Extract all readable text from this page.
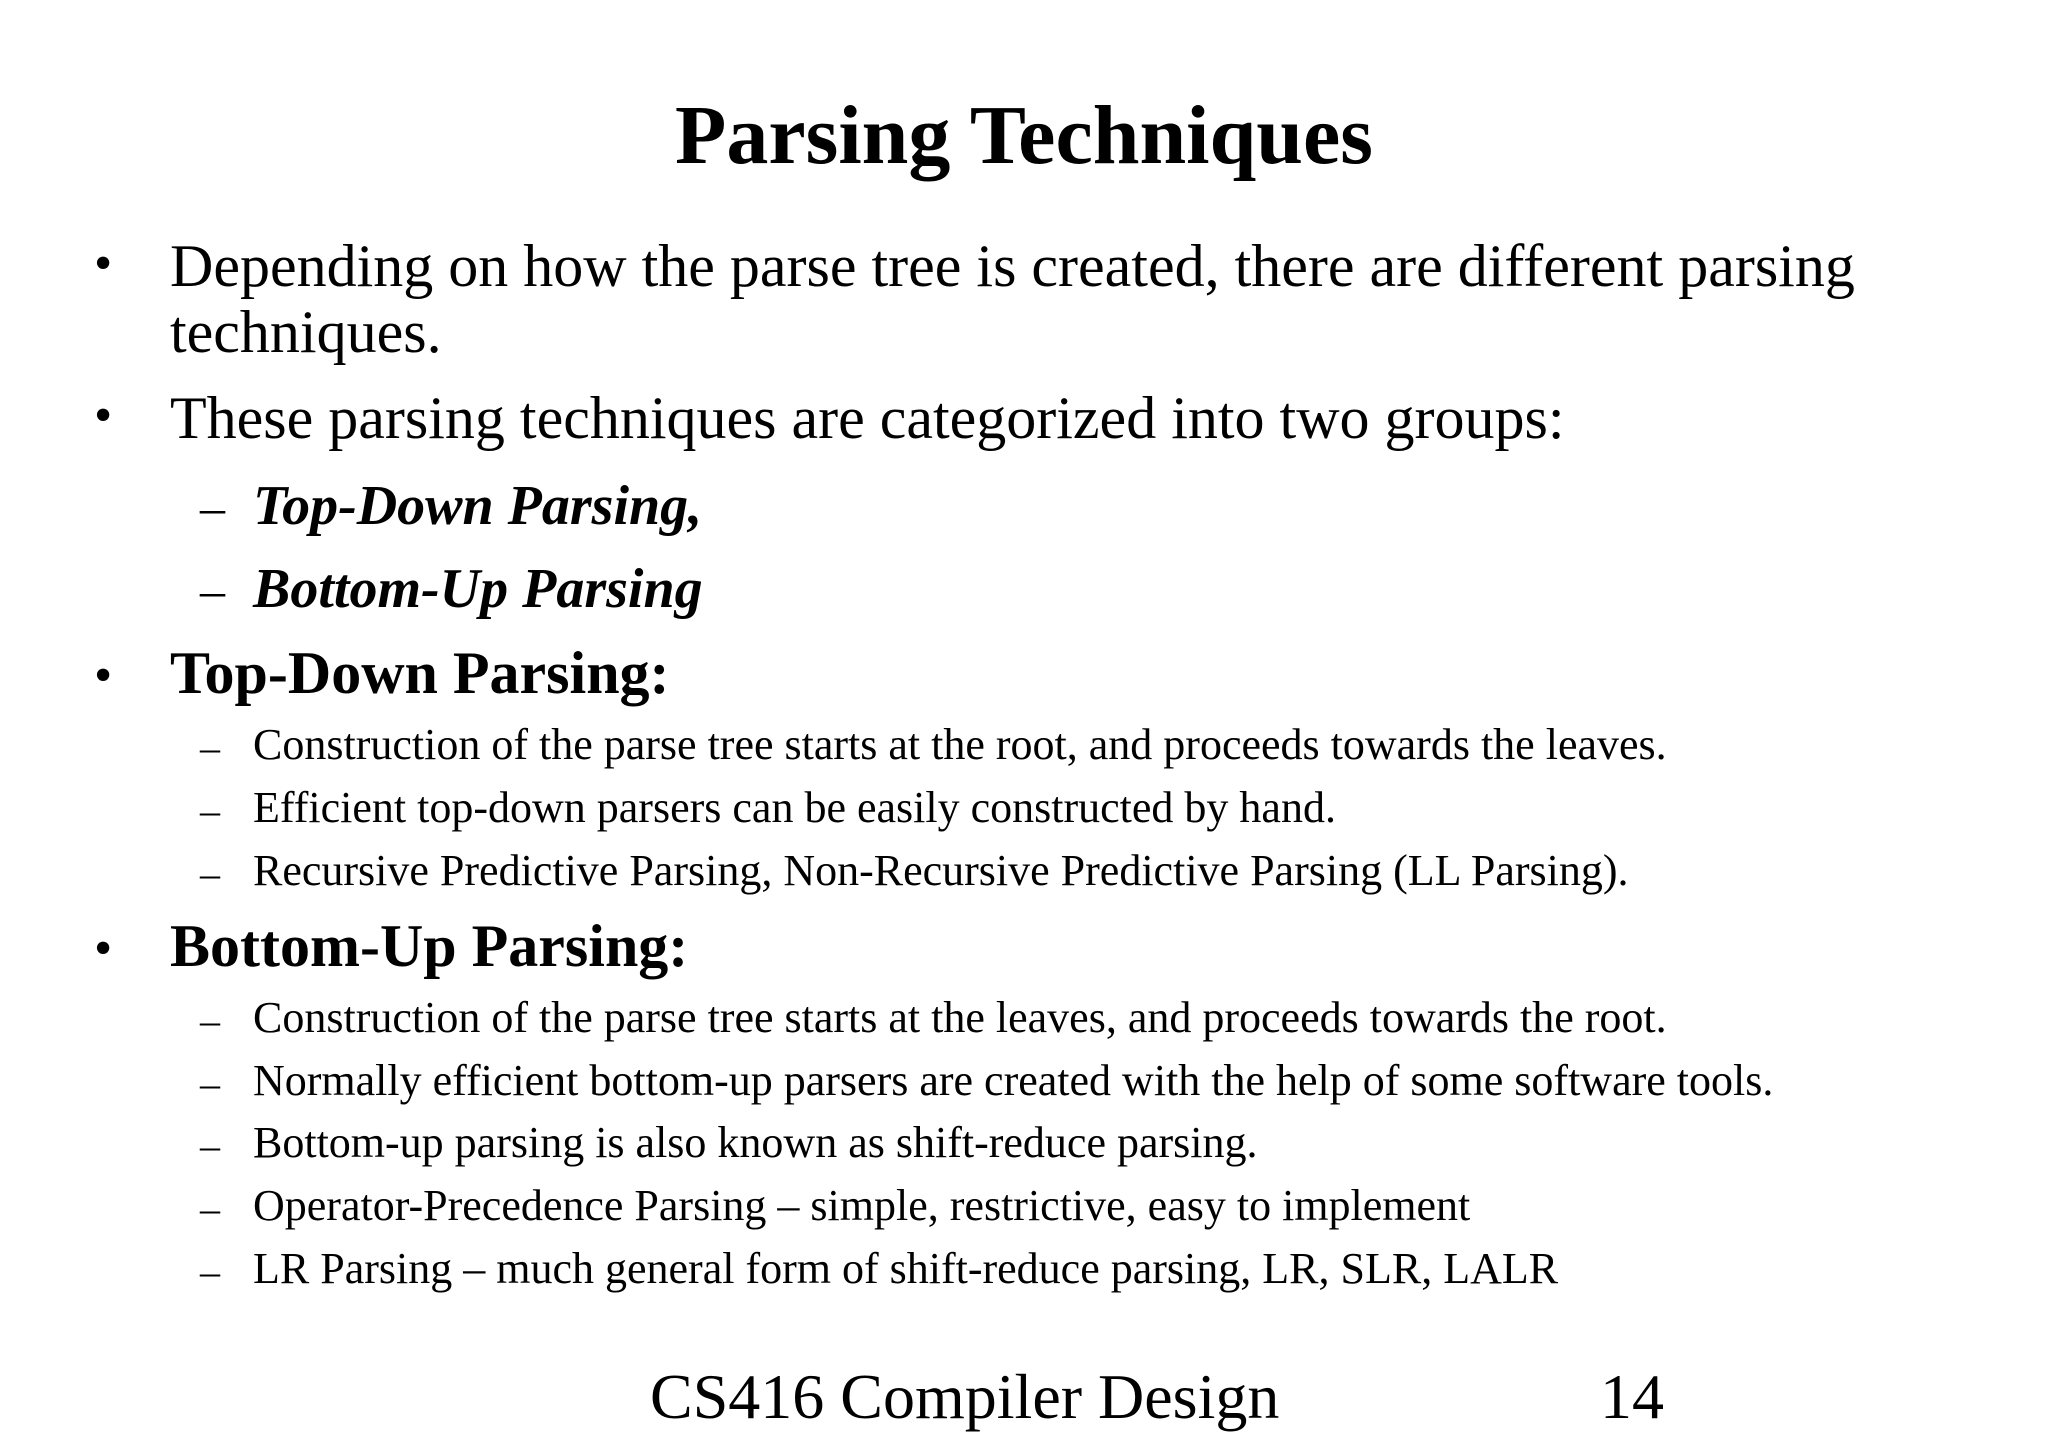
Parsing Techniques
• Depending on how the parse tree is created, there are different parsing techniques.

• These parsing techniques are categorized into two groups:

– Top-Down Parsing,

– Bottom-Up Parsing

• Top-Down Parsing:

– Construction of the parse tree starts at the root, and proceeds towards the leaves.

– Efficient top-down parsers can be easily constructed by hand.

– Recursive Predictive Parsing, Non-Recursive Predictive Parsing (LL Parsing).

• Bottom-Up Parsing:

– Construction of the parse tree starts at the leaves, and proceeds towards the root.

– Normally efficient bottom-up parsers are created with the help of some software tools.

– Bottom-up parsing is also known as shift-reduce parsing.

– Operator-Precedence Parsing – simple, restrictive, easy to implement

– LR Parsing – much general form of shift-reduce parsing, LR, SLR, LALR

CS416 Compiler Design	14
